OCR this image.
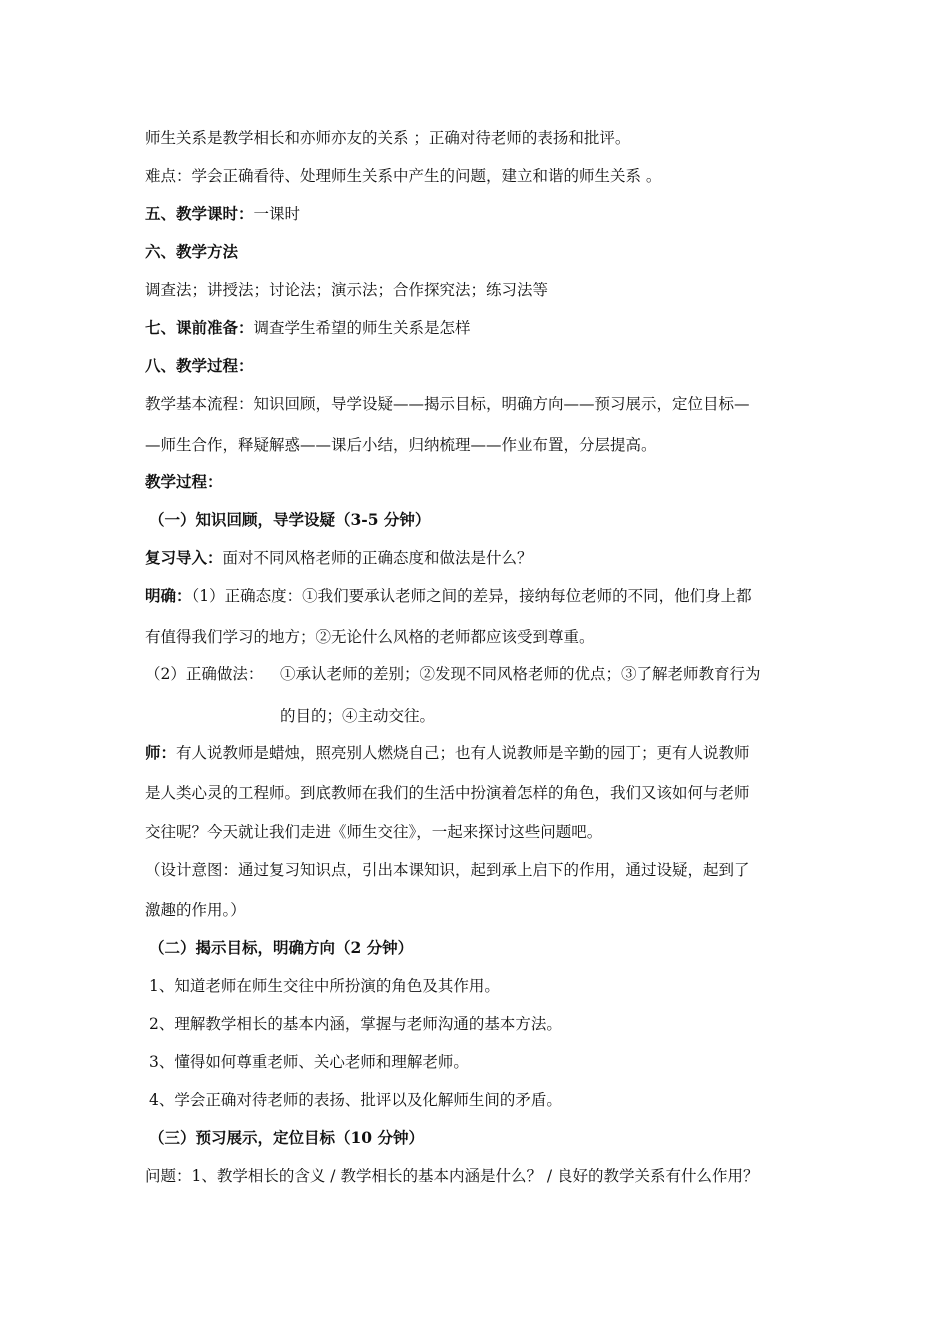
师生关系是教学相长和亦师亦友的关系 ；正确对待老师的表扬和批评。
难点：学会正确看待、处理师生关系中产生的问题，建立和谐的师生关系 。
五、教学课时：一课时
六、教学方法
调查法；讲授法；讨论法；演示法；合作探究法；练习法等
七、课前准备：调查学生希望的师生关系是怎样
八、教学过程：
教学基本流程：知识回顾，导学设疑——揭示目标，明确方向——预习展示，定位目标—
—师生合作，释疑解惑——课后小结，归纳梳理——作业布置，分层提高。
教学过程：
（一）知识回顾，导学设疑（3-5 分钟）
复习导入：面对不同风格老师的正确态度和做法是什么？
明确：（1）正确态度：①我们要承认老师之间的差异，接纳每位老师的不同，他们身上都
有值得我们学习的地方；②无论什么风格的老师都应该受到尊重。
（2）正确做法： ①承认老师的差别；②发现不同风格老师的优点；③了解老师教育行为
的目的；④主动交往。
师：有人说教师是蜡烛，照亮别人燃烧自己；也有人说教师是辛勤的园丁；更有人说教师
是人类心灵的工程师。到底教师在我们的生活中扮演着怎样的角色，我们又该如何与老师
交往呢？今天就让我们走进《师生交往》，一起来探讨这些问题吧。
（设计意图：通过复习知识点，引出本课知识，起到承上启下的作用，通过设疑，起到了
激趣的作用。）
（二）揭示目标，明确方向（2 分钟）
1、知道老师在师生交往中所扮演的角色及其作用。
2、理解教学相长的基本内涵，掌握与老师沟通的基本方法。
3、懂得如何尊重老师、关心老师和理解老师。
4、学会正确对待老师的表扬、批评以及化解师生间的矛盾。
（三）预习展示，定位目标（10 分钟）
问题：1、教学相长的含义 / 教学相长的基本内涵是什么？ / 良好的教学关系有什么作用？
